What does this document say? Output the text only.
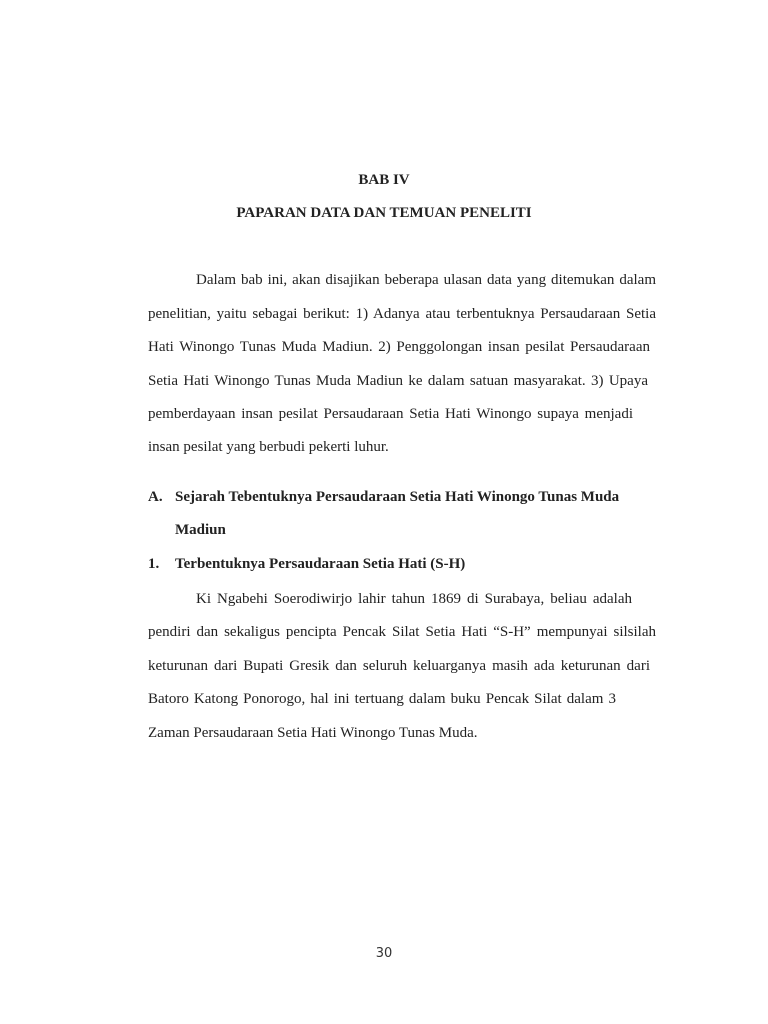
BAB IV
PAPARAN DATA DAN TEMUAN PENELITI
Dalam bab ini, akan disajikan beberapa ulasan data yang ditemukan dalam
penelitian, yaitu sebagai berikut: 1) Adanya atau terbentuknya Persaudaraan Setia
Hati Winongo Tunas Muda Madiun. 2) Penggolongan insan pesilat Persaudaraan
Setia Hati Winongo Tunas Muda Madiun ke dalam satuan masyarakat. 3) Upaya
pemberdayaan insan pesilat Persaudaraan Setia Hati Winongo supaya menjadi
insan pesilat yang berbudi pekerti luhur.
A. Sejarah Tebentuknya Persaudaraan Setia Hati Winongo Tunas Muda
Madiun
1. Terbentuknya Persaudaraan Setia Hati (S-H)
Ki Ngabehi Soerodiwirjo lahir tahun 1869 di Surabaya, beliau adalah
pendiri dan sekaligus pencipta Pencak Silat Setia Hati “S-H” mempunyai silsilah
keturunan dari Bupati Gresik dan seluruh keluarganya masih ada keturunan dari
Batoro Katong Ponorogo, hal ini tertuang dalam buku Pencak Silat dalam 3
Zaman Persaudaraan Setia Hati Winongo Tunas Muda.
30
